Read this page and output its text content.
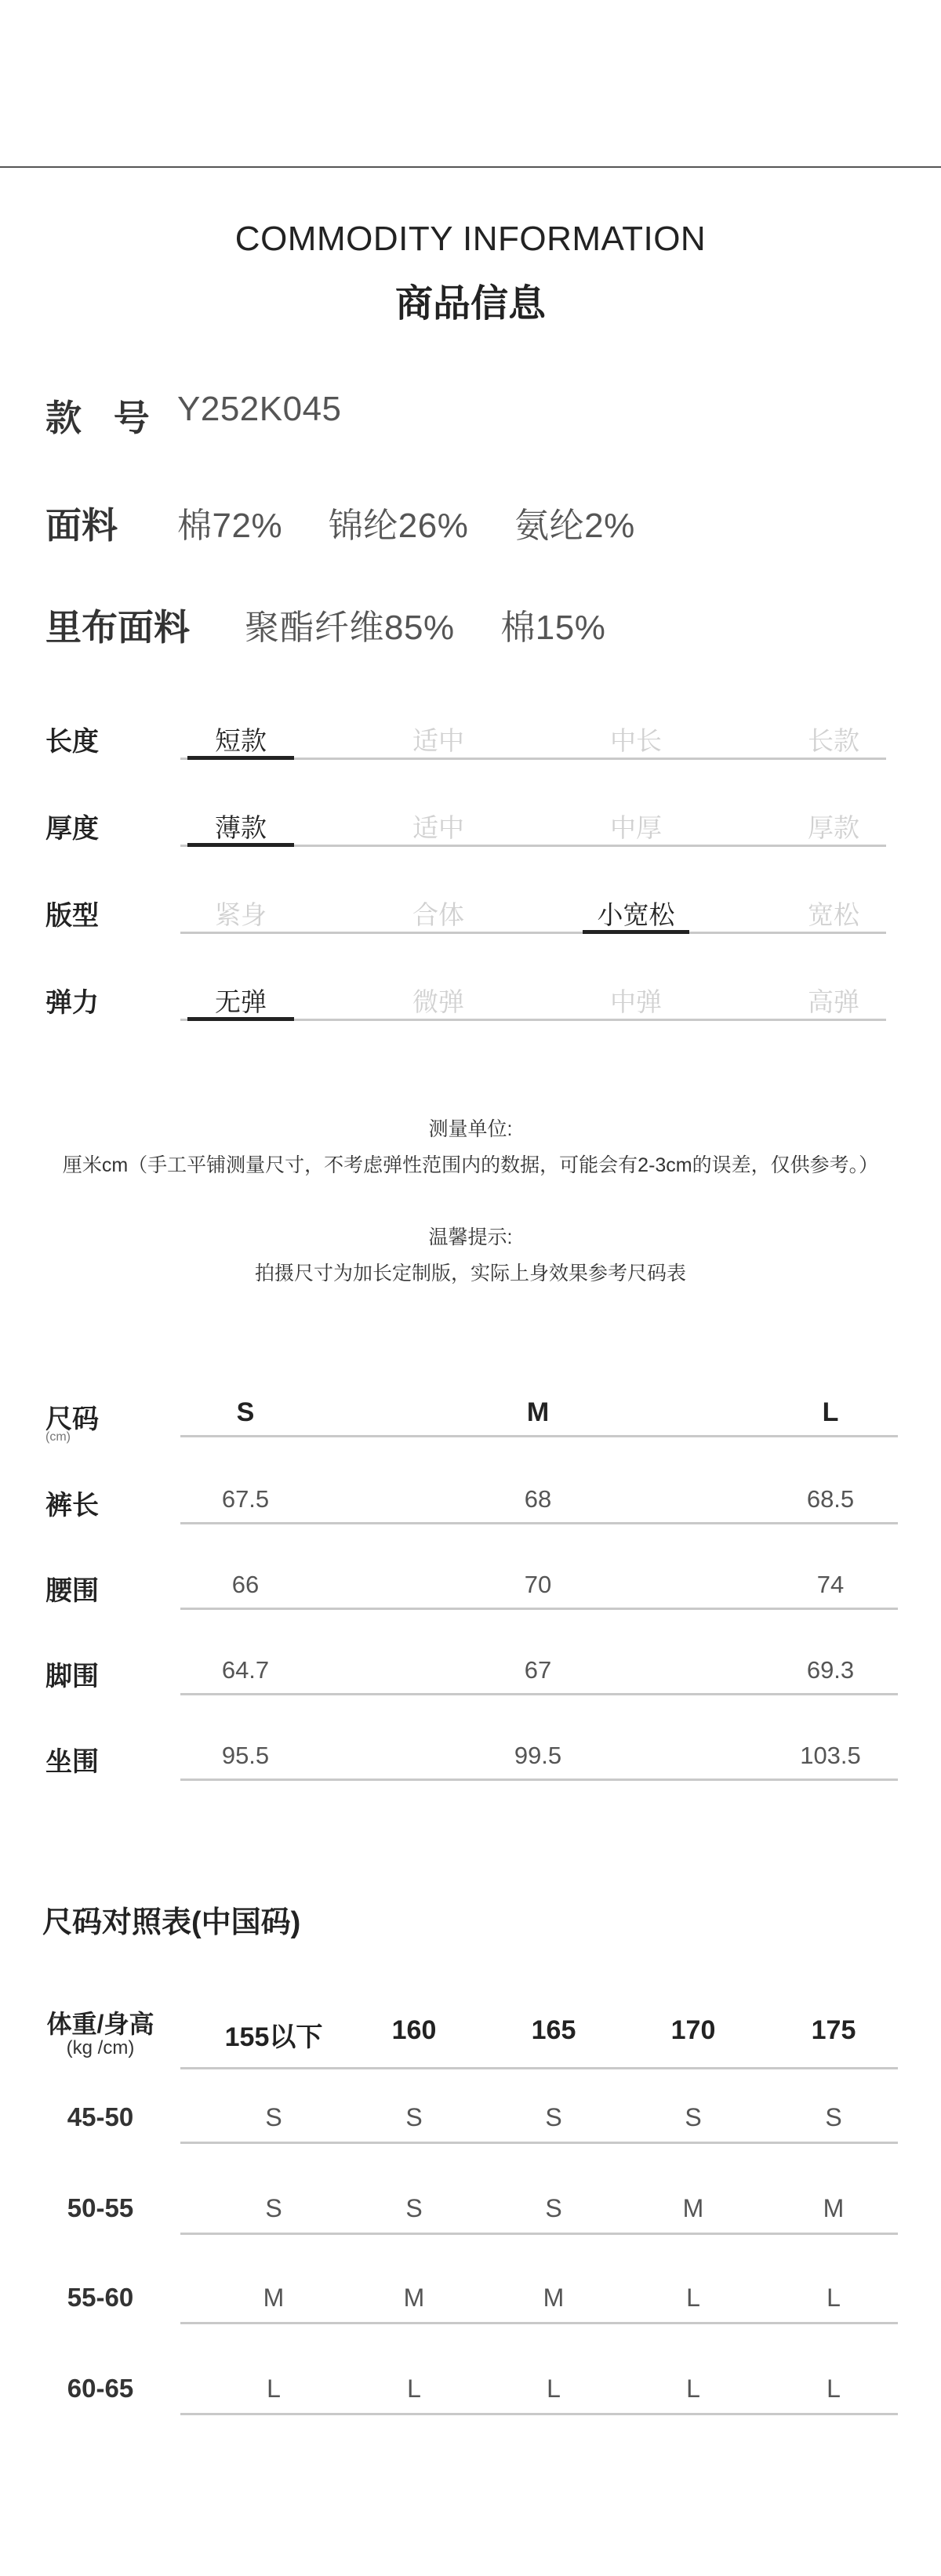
COMMODITY INFORMATION
商品信息
款 号 Y252K045
面料 棉72% 锦纶26% 氨纶2%
里布面料 聚酯纤维85% 棉15%
长度	短款	适中	中长	长款
厚度	薄款	适中	中厚	厚款
版型	紧身	合体	小宽松	宽松
弹力	无弹	微弹	中弹	高弹
测量单位:
厘米cm（手工平铺测量尺寸，不考虑弹性范围内的数据，可能会有2-3cm的误差，仅供参考。）
温馨提示:
拍摄尺寸为加长定制版，实际上身效果参考尺码表
尺码
(cm)
S	M	L
裤长	67.5	68	68.5
腰围	66	70	74
脚围	64.7	67	69.3
坐围	95.5	99.5	103.5
尺码对照表(中国码)
体重/身高
(kg /cm)	155以下	160	165	170	175
45-50	S	S	S	S	S
50-55	S	S	S	M	M
55-60	M	M	M	L	L
60-65	L	L	L	L	L
